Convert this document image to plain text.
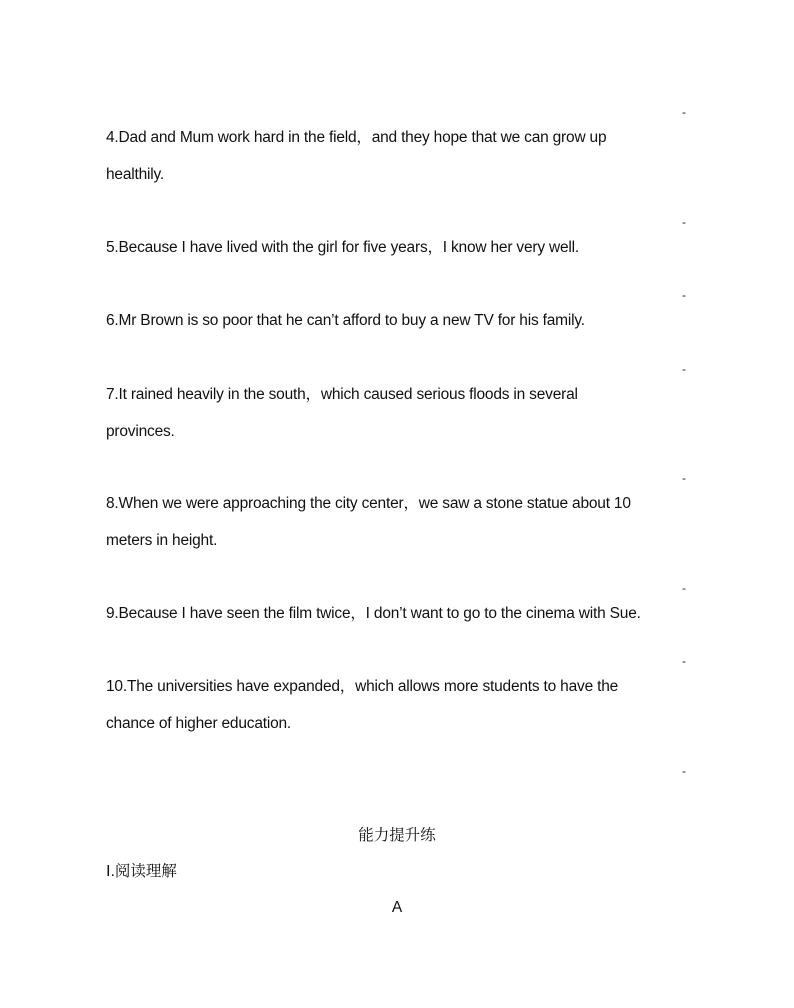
-
4.Dad and Mum work hard in the field，and they hope that we can grow up
healthily.
-
5.Because I have lived with the girl for five years，I know her very well.
-
6.Mr Brown is so poor that he can’t afford to buy a new TV for his family.
-
7.It rained heavily in the south，which caused serious floods in several
provinces.
-
8.When we were approaching the city center，we saw a stone statue about 10
meters in height.
-
9.Because I have seen the film twice，I don’t want to go to the cinema with Sue.
-
10.The universities have expanded，which allows more students to have the
chance of higher education.
-
能力提升练
Ⅰ.阅读理解
A
